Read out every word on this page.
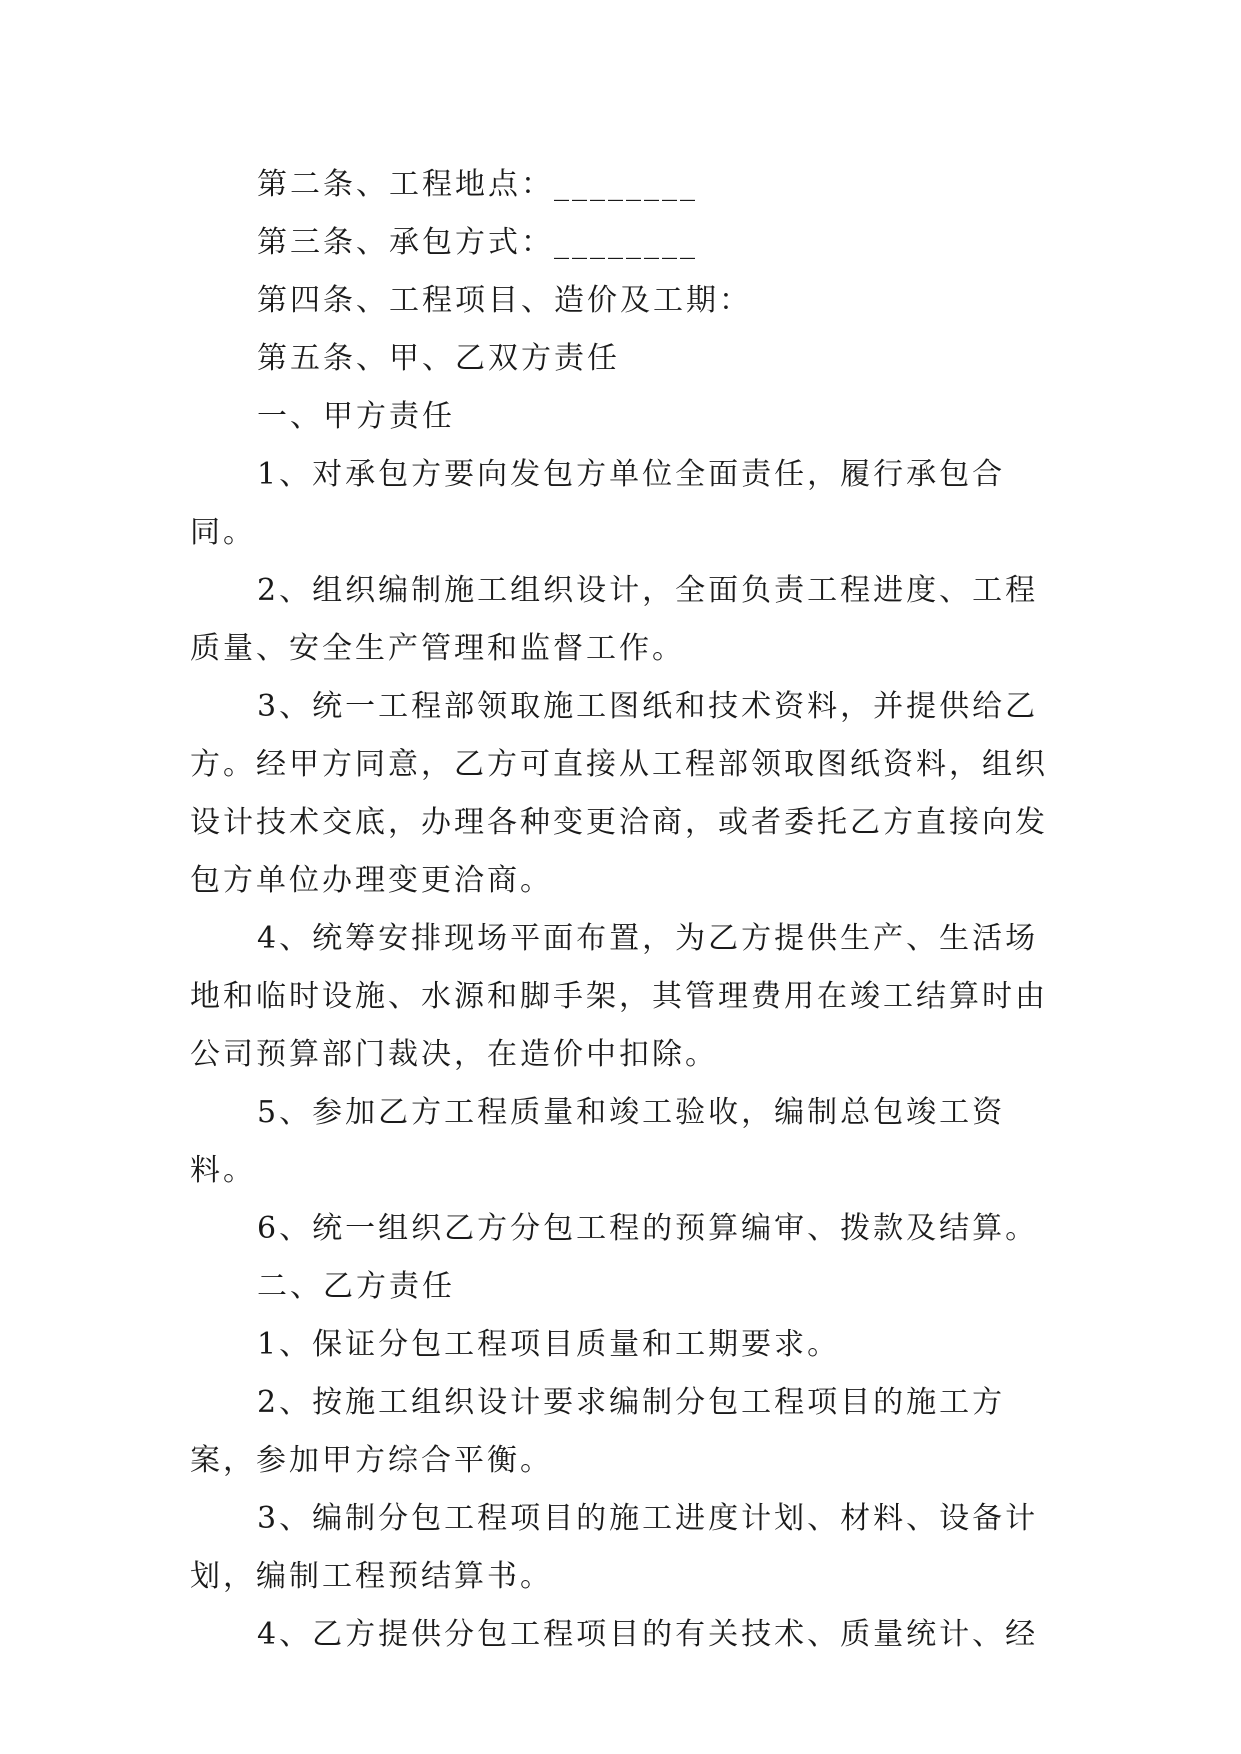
第二条、工程地点：________

第三条、承包方式：________

第四条、工程项目、造价及工期：

第五条、甲、乙双方责任

一、甲方责任

1、对承包方要向发包方单位全面责任，履行承包合同。

2、组织编制施工组织设计，全面负责工程进度、工程质量、安全生产管理和监督工作。

3、统一工程部领取施工图纸和技术资料，并提供给乙方。经甲方同意，乙方可直接从工程部领取图纸资料，组织设计技术交底，办理各种变更洽商，或者委托乙方直接向发包方单位办理变更洽商。

4、统筹安排现场平面布置，为乙方提供生产、生活场地和临时设施、水源和脚手架，其管理费用在竣工结算时由公司预算部门裁决，在造价中扣除。

5、参加乙方工程质量和竣工验收，编制总包竣工资料。

6、统一组织乙方分包工程的预算编审、拨款及结算。

二、乙方责任

1、保证分包工程项目质量和工期要求。

2、按施工组织设计要求编制分包工程项目的施工方案，参加甲方综合平衡。

3、编制分包工程项目的施工进度计划、材料、设备计划，编制工程预结算书。

4、乙方提供分包工程项目的有关技术、质量统计、经
